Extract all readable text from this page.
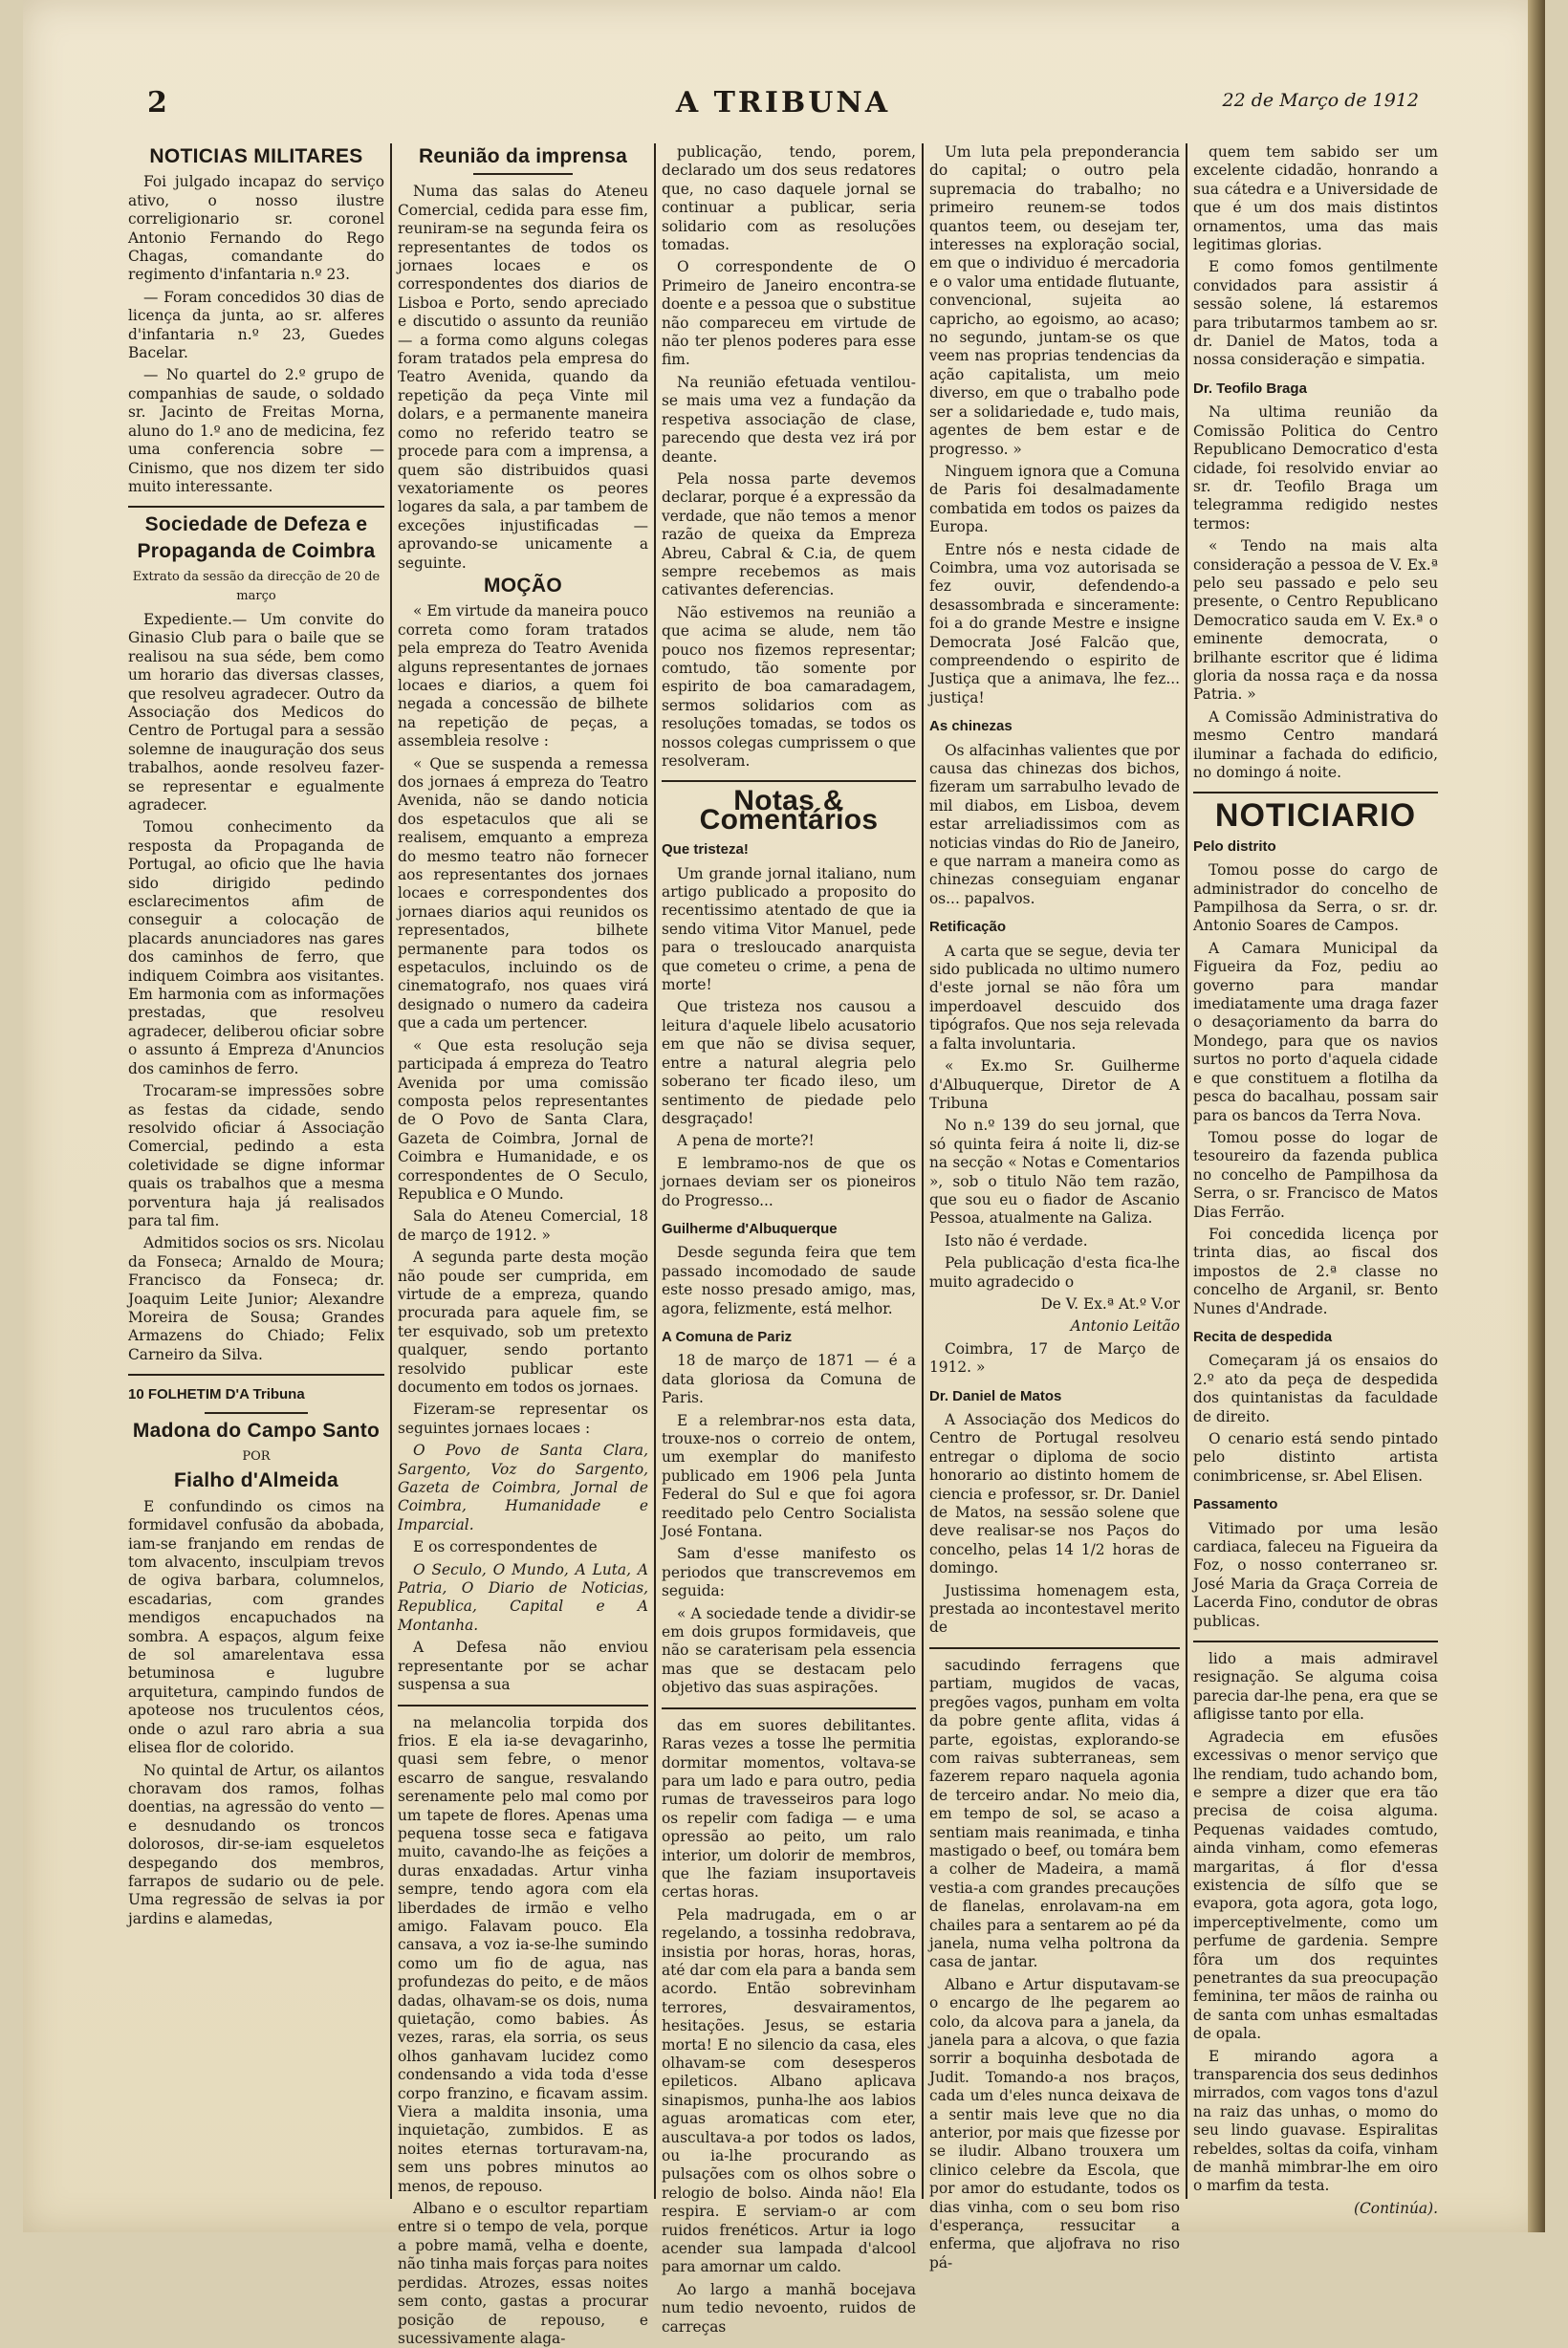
2	A TRIBUNA	22 de Março de 1912
NOTICIAS MILITARES

Foi julgado incapaz do serviço ativo, o nosso ilustre correligionario sr. coronel Antonio Fernando do Rego Chagas, comandante do regimento d'infantaria n.º 23.

— Foram concedidos 30 dias de licença da junta, ao sr. alferes d'infantaria n.º 23, Guedes Bacelar.

— No quartel do 2.º grupo de companhias de saude, o soldado sr. Jacinto de Freitas Morna, aluno do 1.º ano de medicina, fez uma conferencia sobre — Cinismo, que nos dizem ter sido muito interessante.

Sociedade de Defeza e
Propaganda de Coimbra
Extrato da sessão da direcção de 20 de março

Expediente.— Um convite do Ginasio Club para o baile que se realisou na sua séde, bem como um horario das diversas classes, que resolveu agradecer. Outro da Associação dos Medicos do Centro de Portugal para a sessão solemne de inauguração dos seus trabalhos, aonde resolveu fazer-se representar e egualmente agradecer.

Tomou conhecimento da resposta da Propaganda de Portugal, ao oficio que lhe havia sido dirigido pedindo esclarecimentos afim de conseguir a colocação de placards anunciadores nas gares dos caminhos de ferro, que indiquem Coimbra aos visitantes. Em harmonia com as informações prestadas, que resolveu agradecer, deliberou oficiar sobre o assunto á Empreza d'Anuncios dos caminhos de ferro.

Trocaram-se impressões sobre as festas da cidade, sendo resolvido oficiar á Associação Comercial, pedindo a esta coletividade se digne informar quais os trabalhos que a mesma porventura haja já realisados para tal fim.

Admitidos socios os srs. Nicolau da Fonseca; Arnaldo de Moura; Francisco da Fonseca; dr. Joaquim Leite Junior; Alexandre Moreira de Sousa; Grandes Armazens do Chiado; Felix Carneiro da Silva.

10 FOLHETIM D'A Tribuna
Madona do Campo Santo
POR
Fialho d'Almeida

E confundindo os cimos na formidavel confusão da abobada, iam-se franjando em rendas de tom alvacento, insculpiam trevos de ogiva barbara, columnelos, escadarias, com grandes mendigos encapuchados na sombra. A espaços, algum feixe de sol amarelentava essa betuminosa e lugubre arquitetura, campindo fundos de apoteose nos truculentos céos, onde o azul raro abria a sua elisea flor de colorido.

No quintal de Artur, os ailantos choravam dos ramos, folhas doentias, na agressão do vento — e desnudando os troncos dolorosos, dir-se-iam esqueletos despegando dos membros, farrapos de sudario ou de pele. Uma regressão de selvas ia por jardins e alamedas,

Reunião da imprensa

Numa das salas do Ateneu Comercial, cedida para esse fim, reuniram-se na segunda feira os representantes de todos os jornaes locaes e os correspondentes dos diarios de Lisboa e Porto, sendo apreciado e discutido o assunto da reunião — a forma como alguns colegas foram tratados pela empresa do Teatro Avenida, quando da repetição da peça Vinte mil dolars, e a permanente maneira como no referido teatro se procede para com a imprensa, a quem são distribuidos quasi vexatoriamente os peores logares da sala, a par tambem de exceções injustificadas — aprovando-se unicamente a seguinte.

MOÇÃO

« Em virtude da maneira pouco correta como foram tratados pela empreza do Teatro Avenida alguns representantes de jornaes locaes e diarios, a quem foi negada a concessão de bilhete na repetição de peças, a assembleia resolve :

« Que se suspenda a remessa dos jornaes á empreza do Teatro Avenida, não se dando noticia dos espetaculos que ali se realisem, emquanto a empreza do mesmo teatro não fornecer aos representantes dos jornaes locaes e correspondentes dos jornaes diarios aqui reunidos os representados, bilhete permanente para todos os espetaculos, incluindo os de cinematografo, nos quaes virá designado o numero da cadeira que a cada um pertencer.

« Que esta resolução seja participada á empreza do Teatro Avenida por uma comissão composta pelos representantes de O Povo de Santa Clara, Gazeta de Coimbra, Jornal de Coimbra e Humanidade, e os correspondentes de O Seculo, Republica e O Mundo.

Sala do Ateneu Comercial, 18 de março de 1912. »

A segunda parte desta moção não poude ser cumprida, em virtude de a empreza, quando procurada para aquele fim, se ter esquivado, sob um pretexto qualquer, sendo portanto resolvido publicar este documento em todos os jornaes.

Fizeram-se representar os seguintes jornaes locaes :

O Povo de Santa Clara, Sargento, Voz do Sargento, Gazeta de Coimbra, Jornal de Coimbra, Humanidade e Imparcial.

E os correspondentes de

O Seculo, O Mundo, A Luta, A Patria, O Diario de Noticias, Republica, Capital e A Montanha.

A Defesa não enviou representante por se achar suspensa a sua

na melancolia torpida dos frios. E ela ia-se devagarinho, quasi sem febre, o menor escarro de sangue, resvalando serenamente pelo mal como por um tapete de flores. Apenas uma pequena tosse seca e fatigava muito, cavando-lhe as feições a duras enxadadas. Artur vinha sempre, tendo agora com ela liberdades de irmão e velho amigo. Falavam pouco. Ela cansava, a voz ia-se-lhe sumindo como um fio de agua, nas profundezas do peito, e de mãos dadas, olhavam-se os dois, numa quietação, como babies. Ás vezes, raras, ela sorria, os seus olhos ganhavam lucidez como condensando a vida toda d'esse corpo franzino, e ficavam assim. Viera a maldita insonia, uma inquietação, zumbidos. E as noites eternas torturavam-na, sem uns pobres minutos ao menos, de repouso.

Albano e o escultor repartiam entre si o tempo de vela, porque a pobre mamã, velha e doente, não tinha mais forças para noites perdidas. Atrozes, essas noites sem conto, gastas a procurar posição de repouso, e sucessivamente alaga-

publicação, tendo, porem, declarado um dos seus redatores que, no caso daquele jornal se continuar a publicar, seria solidario com as resoluções tomadas.

O correspondente de O Primeiro de Janeiro encontra-se doente e a pessoa que o substitue não compareceu em virtude de não ter plenos poderes para esse fim.

Na reunião efetuada ventilou-se mais uma vez a fundação da respetiva associação de clase, parecendo que desta vez irá por deante.

Pela nossa parte devemos declarar, porque é a expressão da verdade, que não temos a menor razão de queixa da Empreza Abreu, Cabral & C.ia, de quem sempre recebemos as mais cativantes deferencias.

Não estivemos na reunião a que acima se alude, nem tão pouco nos fizemos representar; comtudo, tão somente por espirito de boa camaradagem, sermos solidarios com as resoluções tomadas, se todos os nossos colegas cumprissem o que resolveram.

Notas & Comentários
Que tristeza!

Um grande jornal italiano, num artigo publicado a proposito do recentissimo atentado de que ia sendo vitima Vitor Manuel, pede para o tresloucado anarquista que cometeu o crime, a pena de morte!

Que tristeza nos causou a leitura d'aquele libelo acusatorio em que não se divisa sequer, entre a natural alegria pelo soberano ter ficado ileso, um sentimento de piedade pelo desgraçado!

A pena de morte?!

E lembramo-nos de que os jornaes deviam ser os pioneiros do Progresso...

Guilherme d'Albuquerque

Desde segunda feira que tem passado incomodado de saude este nosso presado amigo, mas, agora, felizmente, está melhor.

A Comuna de Pariz

18 de março de 1871 — é a data gloriosa da Comuna de Paris.

E a relembrar-nos esta data, trouxe-nos o correio de ontem, um exemplar do manifesto publicado em 1906 pela Junta Federal do Sul e que foi agora reeditado pelo Centro Socialista José Fontana.

Sam d'esse manifesto os periodos que transcrevemos em seguida:

« A sociedade tende a dividir-se em dois grupos formidaveis, que não se caraterisam pela essencia mas que se destacam pelo objetivo das suas aspirações.

das em suores debilitantes. Raras vezes a tosse lhe permitia dormitar momentos, voltava-se para um lado e para outro, pedia rumas de travesseiros para logo os repelir com fadiga — e uma opressão ao peito, um ralo interior, um dolorir de membros, que lhe faziam insuportaveis certas horas.

Pela madrugada, em o ar regelando, a tossinha redobrava, insistia por horas, horas, horas, até dar com ela para a banda sem acordo. Então sobrevinham terrores, desvairamentos, hesitações. Jesus, se estaria morta! E no silencio da casa, eles olhavam-se com desesperos epileticos. Albano aplicava sinapismos, punha-lhe aos labios aguas aromaticas com eter, auscultava-a por todos os lados, ou ia-lhe procurando as pulsações com os olhos sobre o relogio de bolso. Ainda não! Ela respira. E serviam-o ar com ruidos frenéticos. Artur ia logo acender sua lampada d'alcool para amornar um caldo.

Ao largo a manhã bocejava num tedio nevoento, ruidos de carreças

Um luta pela preponderancia do capital; o outro pela supremacia do trabalho; no primeiro reunem-se todos quantos teem, ou desejam ter, interesses na exploração social, em que o individuo é mercadoria e o valor uma entidade flutuante, convencional, sujeita ao capricho, ao egoismo, ao acaso; no segundo, juntam-se os que veem nas proprias tendencias da ação capitalista, um meio diverso, em que o trabalho pode ser a solidariedade e, tudo mais, agentes de bem estar e de progresso. »

Ninguem ignora que a Comuna de Paris foi desalmadamente combatida em todos os paizes da Europa.

Entre nós e nesta cidade de Coimbra, uma voz autorisada se fez ouvir, defendendo-a desassombrada e sinceramente: foi a do grande Mestre e insigne Democrata José Falcão que, compreendendo o espirito de Justiça que a animava, lhe fez... justiça!

As chinezas

Os alfacinhas valientes que por causa das chinezas dos bichos, fizeram um sarrabulho levado de mil diabos, em Lisboa, devem estar arreliadissimos com as noticias vindas do Rio de Janeiro, e que narram a maneira como as chinezas conseguiam enganar os... papalvos.

Retificação

A carta que se segue, devia ter sido publicada no ultimo numero d'este jornal se não fôra um imperdoavel descuido dos tipógrafos. Que nos seja relevada a falta involuntaria.

« Ex.mo Sr. Guilherme d'Albuquerque, Diretor de A Tribuna

No n.º 139 do seu jornal, que só quinta feira á noite li, diz-se na secção « Notas e Comentarios », sob o titulo Não tem razão, que sou eu o fiador de Ascanio Pessoa, atualmente na Galiza.

Isto não é verdade.

Pela publicação d'esta fica-lhe muito agradecido o

De V. Ex.ª At.º V.or

Antonio Leitão

Coimbra, 17 de Março de 1912. »

Dr. Daniel de Matos

A Associação dos Medicos do Centro de Portugal resolveu entregar o diploma de socio honorario ao distinto homem de ciencia e professor, sr. Dr. Daniel de Matos, na sessão solene que deve realisar-se nos Paços do concelho, pelas 14 1/2 horas de domingo.

Justissima homenagem esta, prestada ao incontestavel merito de

sacudindo ferragens que partiam, mugidos de vacas, pregões vagos, punham em volta da pobre gente aflita, vidas á parte, egoistas, explorando-se com raivas subterraneas, sem fazerem reparo naquela agonia de terceiro andar. No meio dia, em tempo de sol, se acaso a sentiam mais reanimada, e tinha mastigado o beef, ou tomára bem a colher de Madeira, a mamã vestia-a com grandes precauções de flanelas, enrolavam-na em chailes para a sentarem ao pé da janela, numa velha poltrona da casa de jantar.

Albano e Artur disputavam-se o encargo de lhe pegarem ao colo, da alcova para a janela, da janela para a alcova, o que fazia sorrir a boquinha desbotada de Judit. Tomando-a nos braços, cada um d'eles nunca deixava de a sentir mais leve que no dia anterior, por mais que fizesse por se iludir. Albano trouxera um clinico celebre da Escola, que por amor do estudante, todos os dias vinha, com o seu bom riso d'esperança, ressucitar a enferma, que aljofrava no riso pá-

quem tem sabido ser um excelente cidadão, honrando a sua cátedra e a Universidade de que é um dos mais distintos ornamentos, uma das mais legitimas glorias.

E como fomos gentilmente convidados para assistir á sessão solene, lá estaremos para tributarmos tambem ao sr. dr. Daniel de Matos, toda a nossa consideração e simpatia.

Dr. Teofilo Braga

Na ultima reunião da Comissão Politica do Centro Republicano Democratico d'esta cidade, foi resolvido enviar ao sr. dr. Teofilo Braga um telegramma redigido nestes termos:

« Tendo na mais alta consideração a pessoa de V. Ex.ª pelo seu passado e pelo seu presente, o Centro Republicano Democratico sauda em V. Ex.ª o eminente democrata, o brilhante escritor que é lidima gloria da nossa raça e da nossa Patria. »

A Comissão Administrativa do mesmo Centro mandará iluminar a fachada do edificio, no domingo á noite.

NOTICIARIO
Pelo distrito

Tomou posse do cargo de administrador do concelho de Pampilhosa da Serra, o sr. dr. Antonio Soares de Campos.

A Camara Municipal da Figueira da Foz, pediu ao governo para mandar imediatamente uma draga fazer o desaçoriamento da barra do Mondego, para que os navios surtos no porto d'aquela cidade e que constituem a flotilha da pesca do bacalhau, possam sair para os bancos da Terra Nova.

Tomou posse do logar de tesoureiro da fazenda publica no concelho de Pampilhosa da Serra, o sr. Francisco de Matos Dias Ferrão.

Foi concedida licença por trinta dias, ao fiscal dos impostos de 2.ª classe no concelho de Arganil, sr. Bento Nunes d'Andrade.

Recita de despedida

Começaram já os ensaios do 2.º ato da peça de despedida dos quintanistas da faculdade de direito.

O cenario está sendo pintado pelo distinto artista conimbricense, sr. Abel Elisen.

Passamento

Vitimado por uma lesão cardiaca, faleceu na Figueira da Foz, o nosso conterraneo sr. José Maria da Graça Correia de Lacerda Fino, condutor de obras publicas.

lido a mais admiravel resignação. Se alguma coisa parecia dar-lhe pena, era que se afligisse tanto por ella.

Agradecia em efusões excessivas o menor serviço que lhe rendiam, tudo achando bom, e sempre a dizer que era tão precisa de coisa alguma. Pequenas vaidades comtudo, ainda vinham, como efemeras margaritas, á flor d'essa existencia de sílfo que se evapora, gota agora, gota logo, imperceptivelmente, como um perfume de gardenia. Sempre fôra um dos requintes penetrantes da sua preocupação feminina, ter mãos de rainha ou de santa com unhas esmaltadas de opala.

E mirando agora a transparencia dos seus dedinhos mirrados, com vagos tons d'azul na raiz das unhas, o momo do seu lindo guavase. Espiralitas rebeldes, soltas da coifa, vinham de manhã mimbrar-lhe em oiro o marfim da testa.

(Continúa).
